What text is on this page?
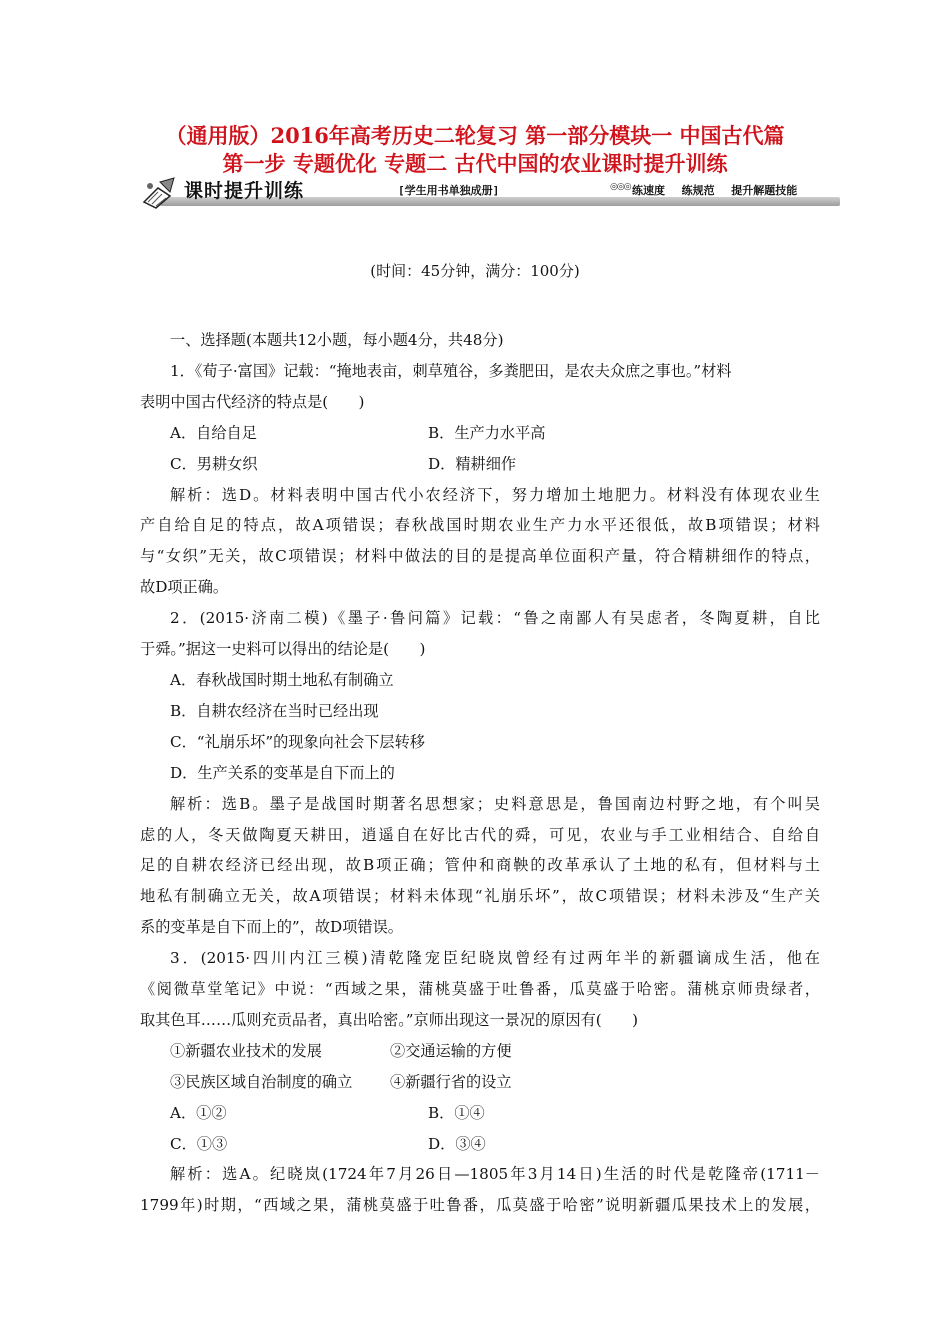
（通用版）2016年高考历史二轮复习 第一部分模块一 中国古代篇
第一步 专题优化 专题二 古代中国的农业课时提升训练
课时提升训练	[学生用书单独成册]	◎◎◎ 练速度 练规范 提升解题技能
(时间：45分钟，满分：100分)

一、选择题(本题共12小题，每小题4分，共48分)

1．《荀子·富国》记载：“掩地表亩，刺草殖谷，多粪肥田，是农夫众庶之事也。”材料

表明中国古代经济的特点是(　　)

A．自给自足	B．生产力水平高
C．男耕女织	D．精耕细作

解析：选D。材料表明中国古代小农经济下，努力增加土地肥力。材料没有体现农业生

产自给自足的特点，故A项错误；春秋战国时期农业生产力水平还很低，故B项错误；材料

与“女织”无关，故C项错误；材料中做法的目的是提高单位面积产量，符合精耕细作的特点，

故D项正确。

2．(2015·济南二模)《墨子·鲁问篇》记载：“鲁之南鄙人有吴虑者，冬陶夏耕，自比

于舜。”据这一史料可以得出的结论是(　　)

A．春秋战国时期土地私有制确立

B．自耕农经济在当时已经出现

C．“礼崩乐坏”的现象向社会下层转移

D．生产关系的变革是自下而上的

解析：选B。墨子是战国时期著名思想家；史料意思是，鲁国南边村野之地，有个叫吴

虑的人，冬天做陶夏天耕田，逍遥自在好比古代的舜，可见，农业与手工业相结合、自给自

足的自耕农经济已经出现，故B项正确；管仲和商鞅的改革承认了土地的私有，但材料与土

地私有制确立无关，故A项错误；材料未体现“礼崩乐坏”，故C项错误；材料未涉及“生产关

系的变革是自下而上的”，故D项错误。

3．(2015·四川内江三模)清乾隆宠臣纪晓岚曾经有过两年半的新疆谪成生活，他在

《阅微草堂笔记》中说：“西域之果，蒲桃莫盛于吐鲁番，瓜莫盛于哈密。蒲桃京师贵绿者，

取其色耳……瓜则充贡品者，真出哈密。”京师出现这一景况的原因有(　　)

①新疆农业技术的发展	②交通运输的方便
③民族区域自治制度的确立	④新疆行省的设立
A．①②	B．①④
C．①③	D．③④

解析：选A。纪晓岚(1724年7月26日—1805年3月14日)生活的时代是乾隆帝(1711－

1799年)时期，“西域之果，蒲桃莫盛于吐鲁番，瓜莫盛于哈密”说明新疆瓜果技术上的发展，
